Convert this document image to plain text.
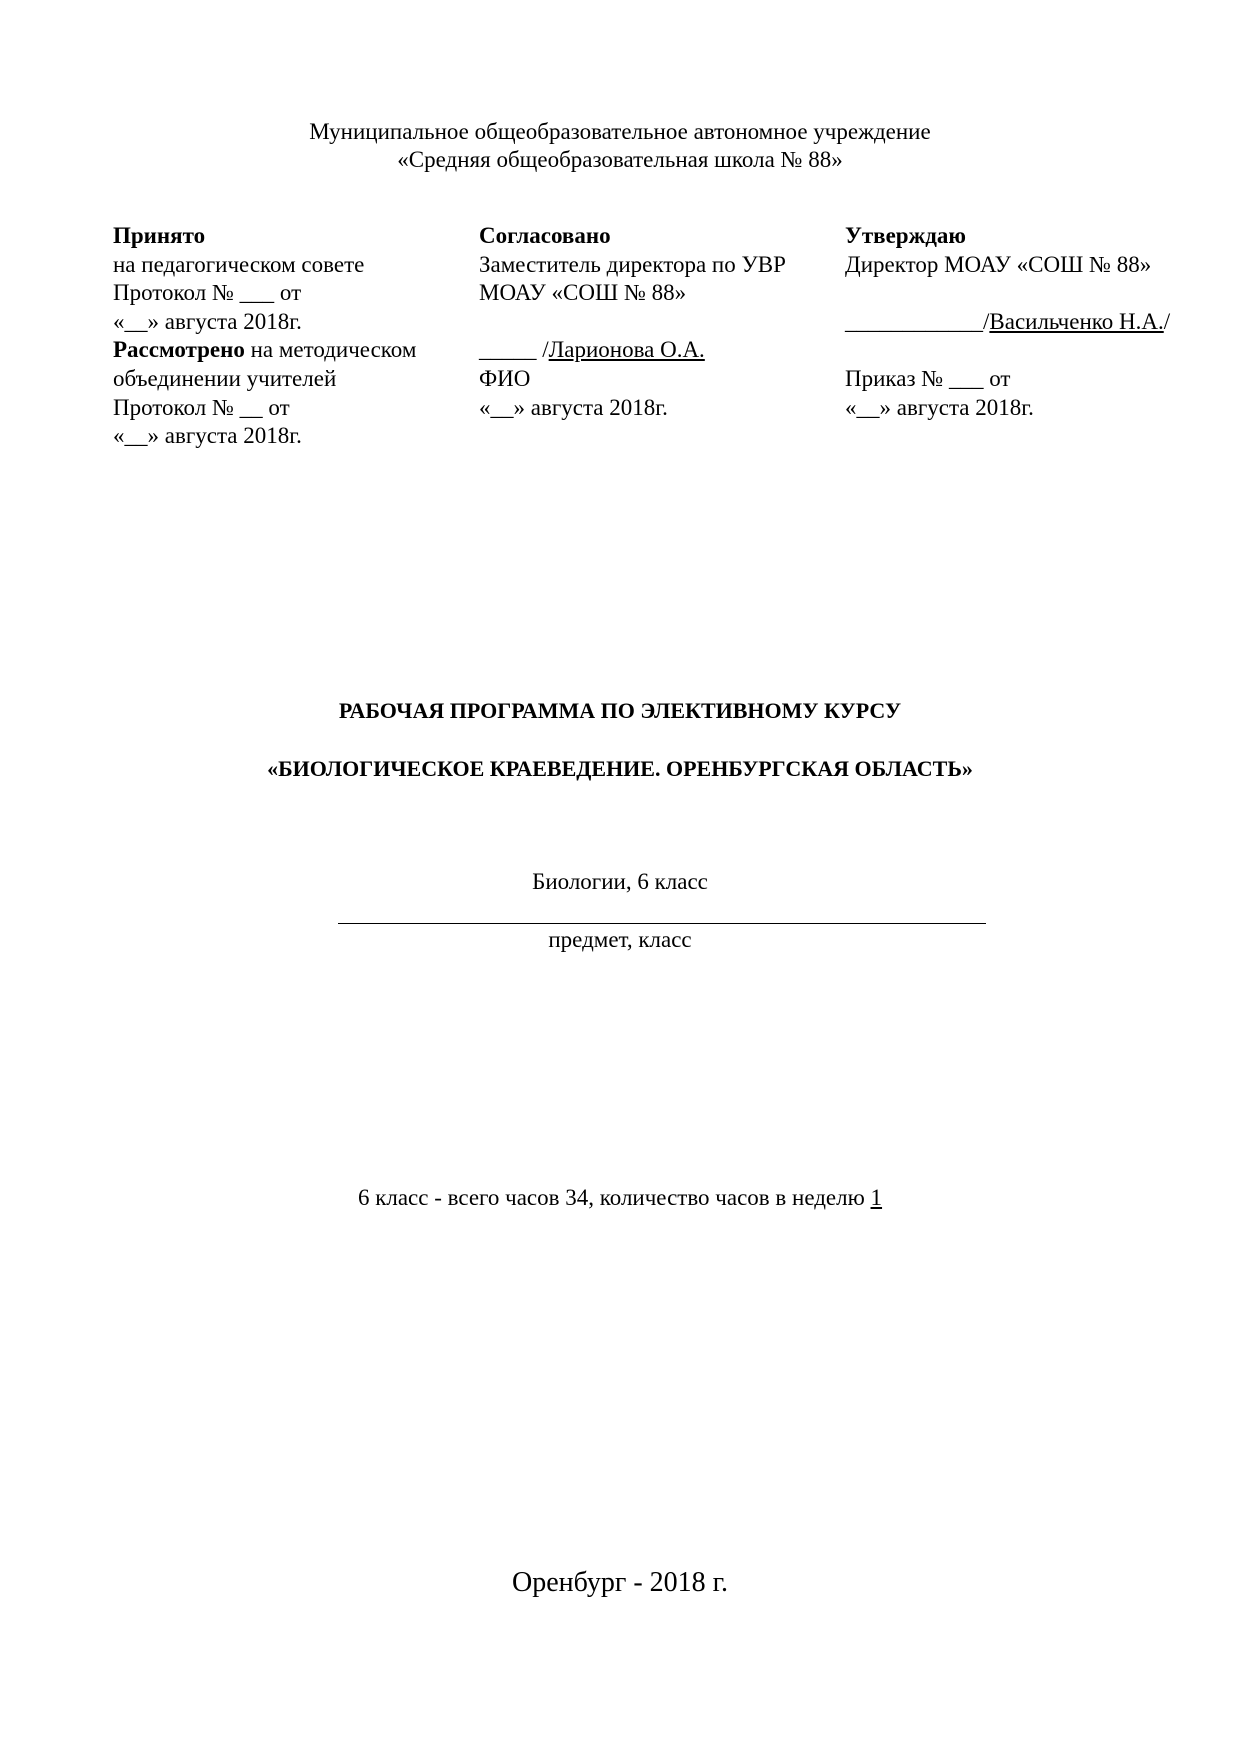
Муниципальное общеобразовательное автономное учреждение
«Средняя общеобразовательная школа № 88»
Принято
на педагогическом совете
Протокол № ___ от
«__» августа 2018г.
Рассмотрено на методическом
объединении учителей
Протокол № __ от
«__» августа 2018г.
Согласовано
Заместитель директора по УВР
МОАУ «СОШ № 88»
_____ /Ларионова О.А.
ФИО
«__» августа 2018г.
Утверждаю
Директор МОАУ «СОШ № 88»
____________/Васильченко Н.А./
Приказ № ___ от
«__» августа 2018г.
РАБОЧАЯ ПРОГРАММА ПО ЭЛЕКТИВНОМУ КУРСУ
«БИОЛОГИЧЕСКОЕ КРАЕВЕДЕНИЕ. ОРЕНБУРГСКАЯ ОБЛАСТЬ»
Биологии, 6 класс
предмет, класс
6 класс - всего часов 34, количество часов в неделю 1
Оренбург - 2018 г.
